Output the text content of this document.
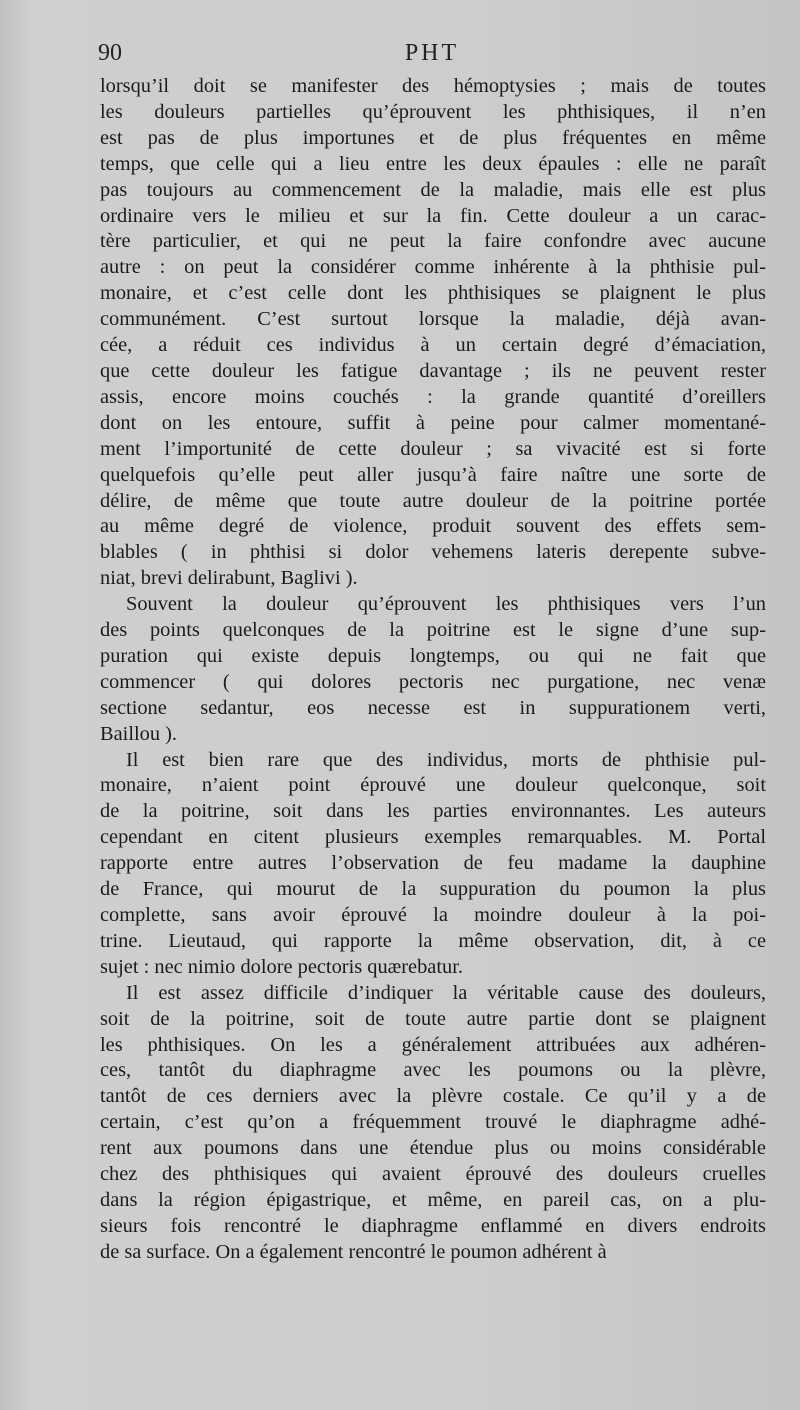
90	PHT
lorsqu’il doit se manifester des hémoptysies ; mais de toutes
les douleurs partielles qu’éprouvent les phthisiques, il n’en
est pas de plus importunes et de plus fréquentes en même
temps, que celle qui a lieu entre les deux épaules : elle ne paraît
pas toujours au commencement de la maladie, mais elle est plus
ordinaire vers le milieu et sur la fin. Cette douleur a un carac-
tère particulier, et qui ne peut la faire confondre avec aucune
autre : on peut la considérer comme inhérente à la phthisie pul-
monaire, et c’est celle dont les phthisiques se plaignent le plus
communément. C’est surtout lorsque la maladie, déjà avan-
cée, a réduit ces individus à un certain degré d’émaciation,
que cette douleur les fatigue davantage ; ils ne peuvent rester
assis, encore moins couchés : la grande quantité d’oreillers
dont on les entoure, suffit à peine pour calmer momentané-
ment l’importunité de cette douleur ; sa vivacité est si forte
quelquefois qu’elle peut aller jusqu’à faire naître une sorte de
délire, de même que toute autre douleur de la poitrine portée
au même degré de violence, produit souvent des effets sem-
blables ( in phthisi si dolor vehemens lateris derepente subve-
niat, brevi delirabunt, Baglivi ).
Souvent la douleur qu’éprouvent les phthisiques vers l’un
des points quelconques de la poitrine est le signe d’une sup-
puration qui existe depuis longtemps, ou qui ne fait que
commencer ( qui dolores pectoris nec purgatione, nec venæ
sectione sedantur, eos necesse est in suppurationem verti,
Baillou ).
Il est bien rare que des individus, morts de phthisie pul-
monaire, n’aient point éprouvé une douleur quelconque, soit
de la poitrine, soit dans les parties environnantes. Les auteurs
cependant en citent plusieurs exemples remarquables. M. Portal
rapporte entre autres l’observation de feu madame la dauphine
de France, qui mourut de la suppuration du poumon la plus
complette, sans avoir éprouvé la moindre douleur à la poi-
trine. Lieutaud, qui rapporte la même observation, dit, à ce
sujet : nec nimio dolore pectoris quærebatur.
Il est assez difficile d’indiquer la véritable cause des douleurs,
soit de la poitrine, soit de toute autre partie dont se plaignent
les phthisiques. On les a généralement attribuées aux adhéren-
ces, tantôt du diaphragme avec les poumons ou la plèvre,
tantôt de ces derniers avec la plèvre costale. Ce qu’il y a de
certain, c’est qu’on a fréquemment trouvé le diaphragme adhé-
rent aux poumons dans une étendue plus ou moins considérable
chez des phthisiques qui avaient éprouvé des douleurs cruelles
dans la région épigastrique, et même, en pareil cas, on a plu-
sieurs fois rencontré le diaphragme enflammé en divers endroits
de sa surface. On a également rencontré le poumon adhérent à
